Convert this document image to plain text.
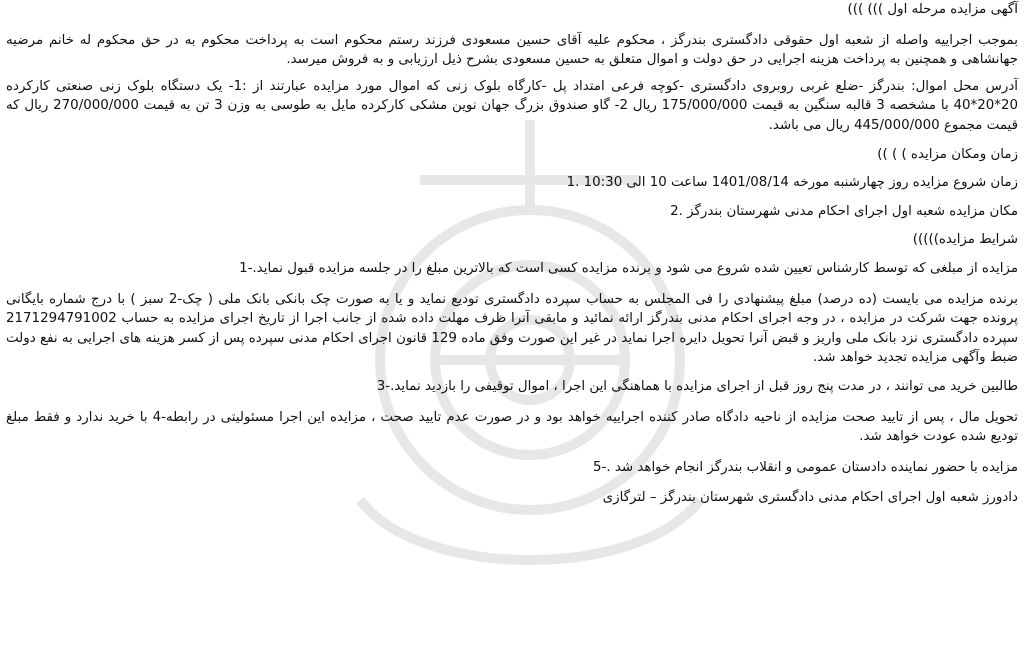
آگهی مزایده مرحله اول ))) )))

بموجب اجراییه واصله از شعبه اول حقوقی دادگستری بندرگز ، محکوم علیه آقای حسین مسعودی فرزند رستم محکوم است به پرداخت محکوم به در حق محکوم له خانم مرضیه جهانشاهی و همچنین به پرداخت هزینه اجرایی در حق دولت و اموال متعلق به حسین مسعودی بشرح ذیل ارزیابی و به فروش میرسد.

آدرس محل اموال: بندرگز -ضلع غربی روبروی دادگستری -کوچه فرعی امتداد پل -کارگاه بلوک زنی که اموال مورد مزایده عبارتند از :1- یک دستگاه بلوک زنی صنعتی کارکرده 20*20*40 با مشخصه 3 قالبه سنگین به قیمت 175/000/000 ریال 2- گاو صندوق بزرگ جهان نوین مشکی کارکرده مایل به طوسی به وزن 3 تن به قیمت 270/000/000 ریال که قیمت مجموع 445/000/000 ریال می باشد.

زمان ومکان مزایده ) ) ))

زمان شروع مزایده روز چهارشنبه مورخه 1401/08/14 ساعت 10 الی 10:30 .1

مکان مزایده شعبه اول اجرای احکام مدنی شهرستان بندرگز .2

شرایط مزایده)))))

مزایده از مبلغی که توسط کارشناس تعیین شده شروع می شود و برنده مزایده کسی است که بالاترین مبلغ را در جلسه مزایده قبول نماید.-1

برنده مزایده می بایست (ده درصد) مبلغ پیشنهادی را فی المجلس به حساب سپرده دادگستری تودیع نماید و یا به صورت چک بانکی بانک ملی ( چک-2 سبز ) با درج شماره بایگانی پرونده جهت شرکت در مزایده ، در وجه اجرای احکام مدنی بندرگز ارائه نمائید و مابقی آنرا ظرف مهلت داده شده از جانب اجرا از تاریخ اجرای مزایده به حساب 2171294791002 سپرده دادگستری نزد بانک ملی واریز و قبض آنرا تحویل دایره اجرا نماید در غیر این صورت وفق ماده 129 قانون اجرای احکام مدنی سپرده پس از کسر هزینه های اجرایی به نفع دولت ضبط وآگهی مزایده تجدید خواهد شد.

طالبین خرید می توانند ، در مدت پنج روز قبل از اجرای مزایده با هماهنگی این اجرا ، اموال توقیفی را بازدید نماید.-3

تحویل مال ، پس از تایید صحت مزایده از ناحیه دادگاه صادر کننده اجراییه خواهد بود و در صورت عدم تایید صحت ، مزایده این اجرا مسئولیتی در رابطه-4 با خرید ندارد و فقط مبلغ تودیع شده عودت خواهد شد.

مزایده با حضور نماینده دادستان عمومی و انقلاب بندرگز انجام خواهد شد .-5

دادورز شعبه اول اجرای احکام مدنی دادگستری شهرستان بندرگز – لترگازی
